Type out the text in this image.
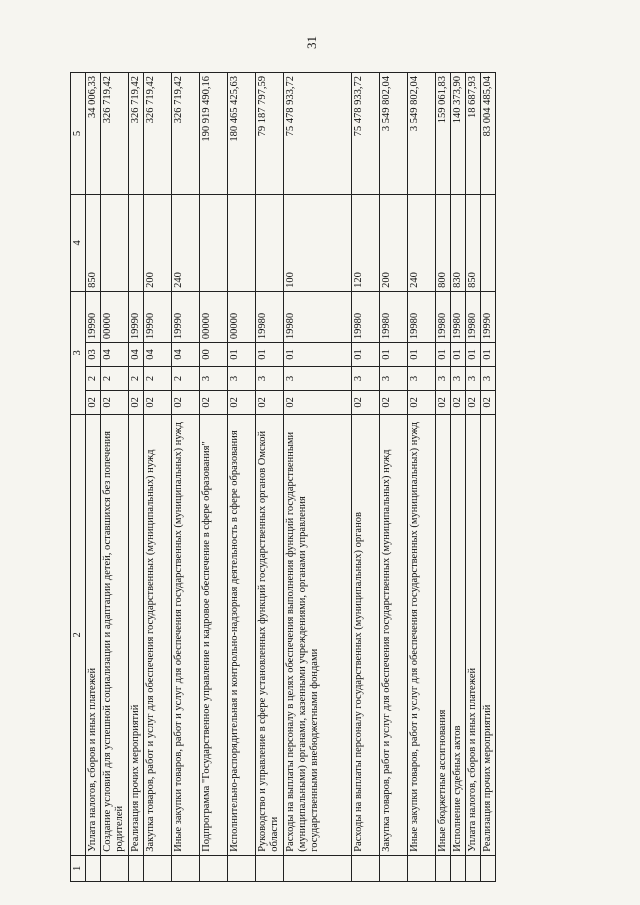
31
1	2	3				4	5
	Уплата налогов, сборов и иных платежей	02	2	03	19990	850	34 006,33
	Создание условий для успешной социализации и адаптации детей, оставшихся без попечения родителей	02	2	04	00000		326 719,42
	Реализация прочих мероприятий	02	2	04	19990		326 719,42
	Закупка товаров, работ и услуг для обеспечения государственных (муниципальных) нужд	02	2	04	19990	200	326 719,42
	Иные закупки товаров, работ и услуг для обеспечения государственных (муниципальных) нужд	02	2	04	19990	240	326 719,42
	Подпрограмма "Государственное управление и кадровое обеспечение в сфере образования"	02	3	00	00000		190 919 490,16
	Исполнительно-распорядительная и контрольно-надзорная деятельность в сфере образования	02	3	01	00000		180 465 425,63
	Руководство и управление в сфере установленных функций государственных органов Омской области	02	3	01	19980		79 187 797,59
	Расходы на выплаты персоналу в целях обеспечения выполнения функций государственными (муниципальными) органами, казенными учреждениями, органами управления государственными внебюджетными фондами	02	3	01	19980	100	75 478 933,72
	Расходы на выплаты персоналу государственных (муниципальных) органов	02	3	01	19980	120	75 478 933,72
	Закупка товаров, работ и услуг для обеспечения государственных (муниципальных) нужд	02	3	01	19980	200	3 549 802,04
	Иные закупки товаров, работ и услуг для обеспечения государственных (муниципальных) нужд	02	3	01	19980	240	3 549 802,04
	Иные бюджетные ассигнования	02	3	01	19980	800	159 061,83
	Исполнение судебных актов	02	3	01	19980	830	140 373,90
	Уплата налогов, сборов и иных платежей	02	3	01	19980	850	18 687,93
	Реализация прочих мероприятий	02	3	01	19990		83 004 485,04
